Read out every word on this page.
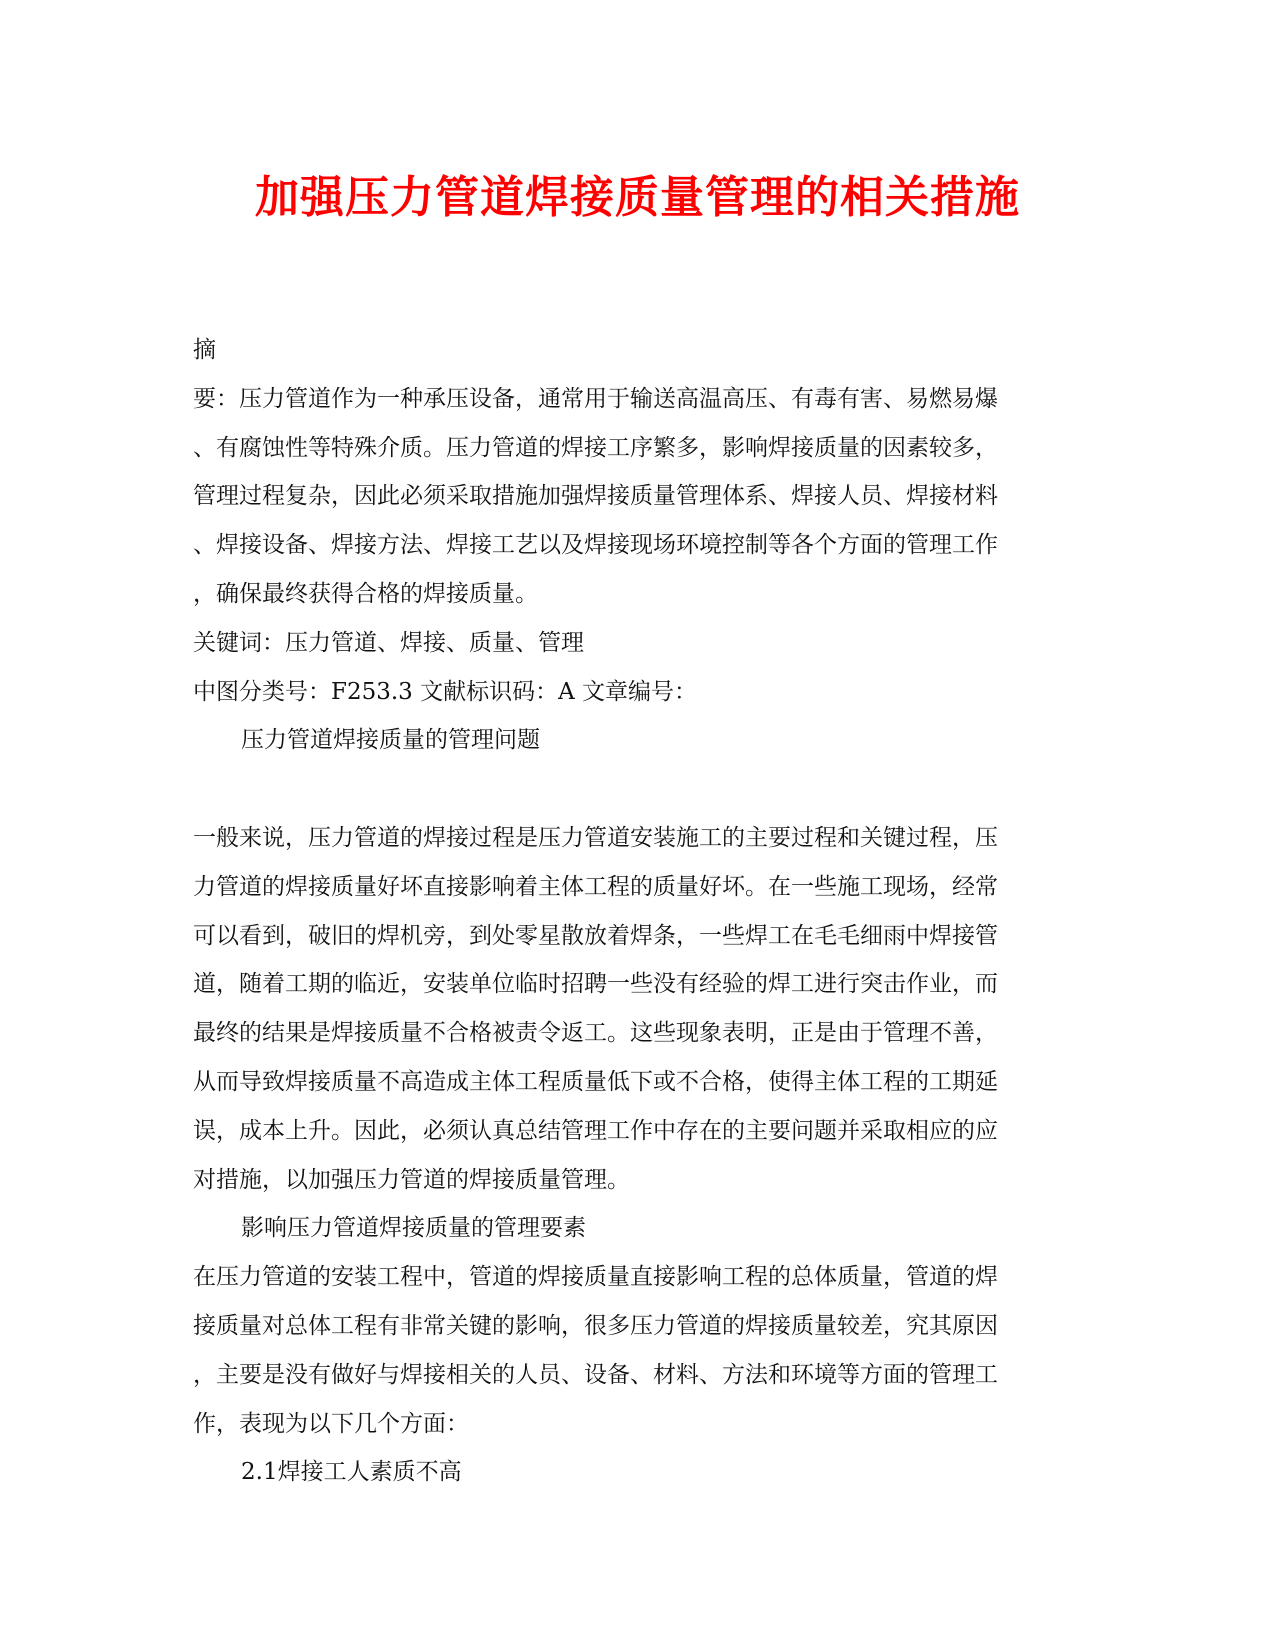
加强压力管道焊接质量管理的相关措施
摘
要：压力管道作为一种承压设备，通常用于输送高温高压、有毒有害、易燃易爆
、有腐蚀性等特殊介质。压力管道的焊接工序繁多，影响焊接质量的因素较多，
管理过程复杂，因此必须采取措施加强焊接质量管理体系、焊接人员、焊接材料
、焊接设备、焊接方法、焊接工艺以及焊接现场环境控制等各个方面的管理工作
，确保最终获得合格的焊接质量。
关键词：压力管道、焊接、质量、管理
中图分类号：F253.3 文献标识码：A 文章编号：
压力管道焊接质量的管理问题
一般来说，压力管道的焊接过程是压力管道安装施工的主要过程和关键过程，压
力管道的焊接质量好坏直接影响着主体工程的质量好坏。在一些施工现场，经常
可以看到，破旧的焊机旁，到处零星散放着焊条，一些焊工在毛毛细雨中焊接管
道，随着工期的临近，安装单位临时招聘一些没有经验的焊工进行突击作业，而
最终的结果是焊接质量不合格被责令返工。这些现象表明，正是由于管理不善，
从而导致焊接质量不高造成主体工程质量低下或不合格，使得主体工程的工期延
误，成本上升。因此，必须认真总结管理工作中存在的主要问题并采取相应的应
对措施，以加强压力管道的焊接质量管理。
影响压力管道焊接质量的管理要素
在压力管道的安装工程中，管道的焊接质量直接影响工程的总体质量，管道的焊
接质量对总体工程有非常关键的影响，很多压力管道的焊接质量较差，究其原因
，主要是没有做好与焊接相关的人员、设备、材料、方法和环境等方面的管理工
作，表现为以下几个方面：
2.1焊接工人素质不高
